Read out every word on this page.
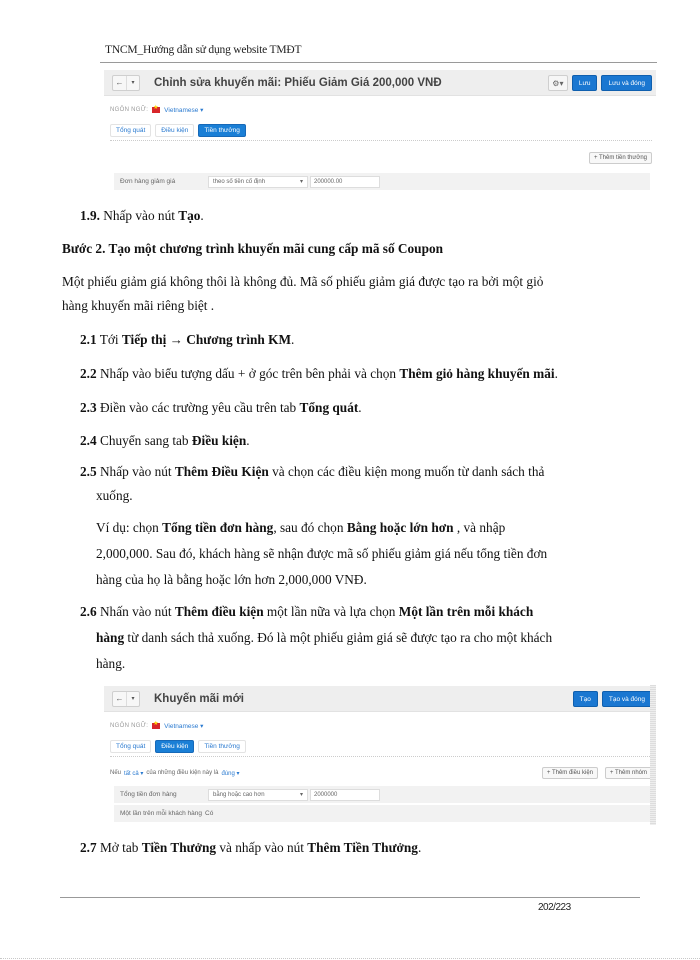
TNCM_Hướng dẫn sử dụng website TMĐT
←	▾	Chỉnh sửa khuyến mãi: Phiếu Giảm Giá 200,000 VNĐ	⚙▾	Lưu	Lưu và đóng
NGÔN NGỮ: ★ Vietnamese ▾
Tổng quát	Điều kiện	Tiền thưởng
+ Thêm tiền thưởng
Đơn hàng giảm giá	theo số tiền cố định	▾	200000.00
1.9. Nhấp vào nút Tạo.
Bước 2. Tạo một chương trình khuyến mãi cung cấp mã số Coupon
Một phiếu giảm giá không thôi là không đủ. Mã số phiếu giảm giá được tạo ra bởi một giỏ
hàng khuyến mãi riêng biệt .
2.1 Tới Tiếp thị → Chương trình KM.
2.2 Nhấp vào biểu tượng dấu + ở góc trên bên phải và chọn Thêm giỏ hàng khuyến mãi.
2.3 Điền vào các trường yêu cầu trên tab Tổng quát.
2.4 Chuyển sang tab Điều kiện.
2.5 Nhấp vào nút Thêm Điều Kiện và chọn các điều kiện mong muốn từ danh sách thả
xuống.
Ví dụ: chọn Tổng tiền đơn hàng, sau đó chọn Bằng hoặc lớn hơn , và nhập
2,000,000. Sau đó, khách hàng sẽ nhận được mã số phiếu giảm giá nếu tổng tiền đơn
hàng của họ là bằng hoặc lớn hơn 2,000,000 VNĐ.
2.6 Nhấn vào nút Thêm điều kiện một lần nữa và lựa chọn Một lần trên mỗi khách
hàng từ danh sách thả xuống. Đó là một phiếu giảm giá sẽ được tạo ra cho một khách
hàng.
←	▾	Khuyến mãi mới	Tạo	Tạo và đóng
NGÔN NGỮ: ★ Vietnamese ▾
Tổng quát	Điều kiện	Tiền thưởng
Nếu tất cả ▾ của những điều kiện này là đúng ▾	+ Thêm điều kiện	+ Thêm nhóm
Tổng tiền đơn hàng	bằng hoặc cao hơn	▾	2000000
Một lần trên mỗi khách hàng Có
2.7 Mở tab Tiền Thưởng và nhấp vào nút Thêm Tiền Thưởng.
202/223
